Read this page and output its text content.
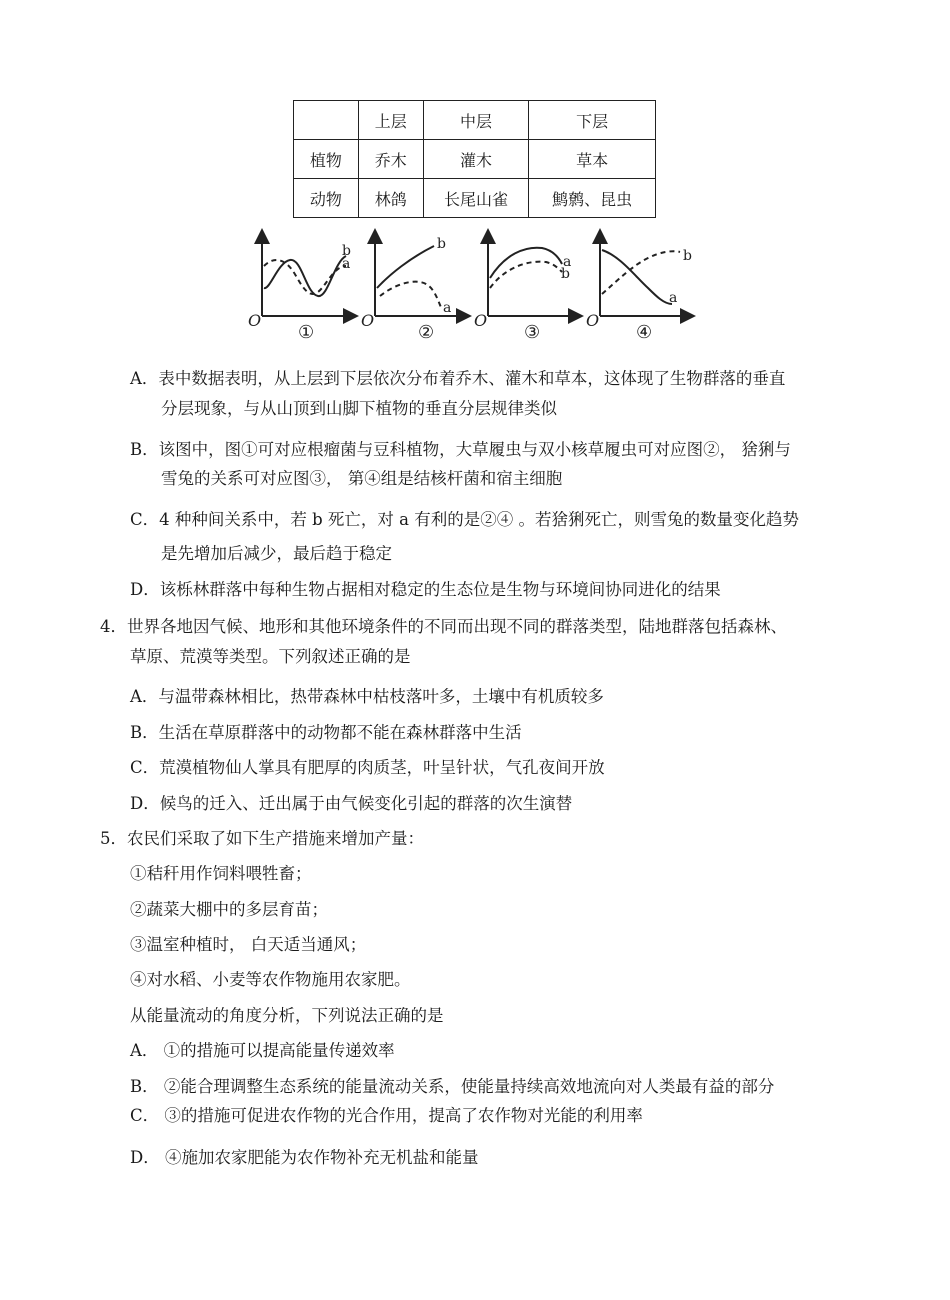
	上层	中层	下层
植物	乔木	灌木	草本
动物	林鸽	长尾山雀	鹪鹩、昆虫
b
a
O
①
b
a
O
②
a
b
O
③
b
a
O
④
A．表中数据表明，从上层到下层依次分布着乔木、灌木和草本，这体现了生物群落的垂直
分层现象，与从山顶到山脚下植物的垂直分层规律类似
B．该图中，图①可对应根瘤菌与豆科植物，大草履虫与双小核草履虫可对应图②， 猞猁与
雪兔的关系可对应图③， 第④组是结核杆菌和宿主细胞
C．4 种种间关系中，若 b 死亡，对 a 有利的是②④ 。若猞猁死亡，则雪兔的数量变化趋势
是先增加后减少，最后趋于稳定
D．该栎林群落中每种生物占据相对稳定的生态位是生物与环境间协同进化的结果
4．世界各地因气候、地形和其他环境条件的不同而出现不同的群落类型，陆地群落包括森林、
草原、荒漠等类型。下列叙述正确的是
A．与温带森林相比，热带森林中枯枝落叶多，土壤中有机质较多
B．生活在草原群落中的动物都不能在森林群落中生活
C．荒漠植物仙人掌具有肥厚的肉质茎，叶呈针状，气孔夜间开放
D．候鸟的迁入、迁出属于由气候变化引起的群落的次生演替
5．农民们采取了如下生产措施来增加产量：
①秸秆用作饲料喂牲畜；
②蔬菜大棚中的多层育苗；
③温室种植时， 白天适当通风；
④对水稻、小麦等农作物施用农家肥。
从能量流动的角度分析，下列说法正确的是
A． ①的措施可以提高能量传递效率
B． ②能合理调整生态系统的能量流动关系，使能量持续高效地流向对人类最有益的部分
C． ③的措施可促进农作物的光合作用，提高了农作物对光能的利用率
D． ④施加农家肥能为农作物补充无机盐和能量
